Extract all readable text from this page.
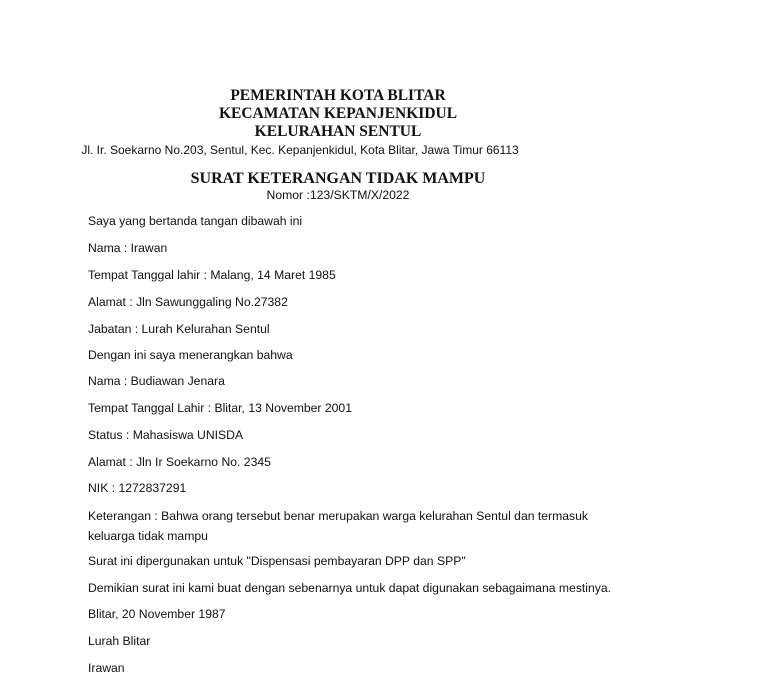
PEMERINTAH KOTA BLITAR
KECAMATAN KEPANJENKIDUL
KELURAHAN SENTUL
Jl. Ir. Soekarno No.203, Sentul, Kec. Kepanjenkidul, Kota Blitar, Jawa Timur 66113
SURAT KETERANGAN TIDAK MAMPU
Nomor :123/SKTM/X/2022
Saya yang bertanda tangan dibawah ini
Nama : Irawan
Tempat Tanggal lahir : Malang, 14 Maret 1985
Alamat : Jln Sawunggaling No.27382
Jabatan : Lurah Kelurahan Sentul
Dengan ini saya menerangkan bahwa
Nama : Budiawan Jenara
Tempat Tanggal Lahir : Blitar, 13 November 2001
Status : Mahasiswa UNISDA
Alamat : Jln Ir Soekarno No. 2345
NIK : 1272837291
Keterangan : Bahwa orang tersebut benar merupakan warga kelurahan Sentul dan termasuk
keluarga tidak mampu
Surat ini dipergunakan untuk "Dispensasi pembayaran DPP dan SPP"
Demikian surat ini kami buat dengan sebenarnya untuk dapat digunakan sebagaimana mestinya.
Blitar, 20 November 1987
Lurah Blitar
Irawan
